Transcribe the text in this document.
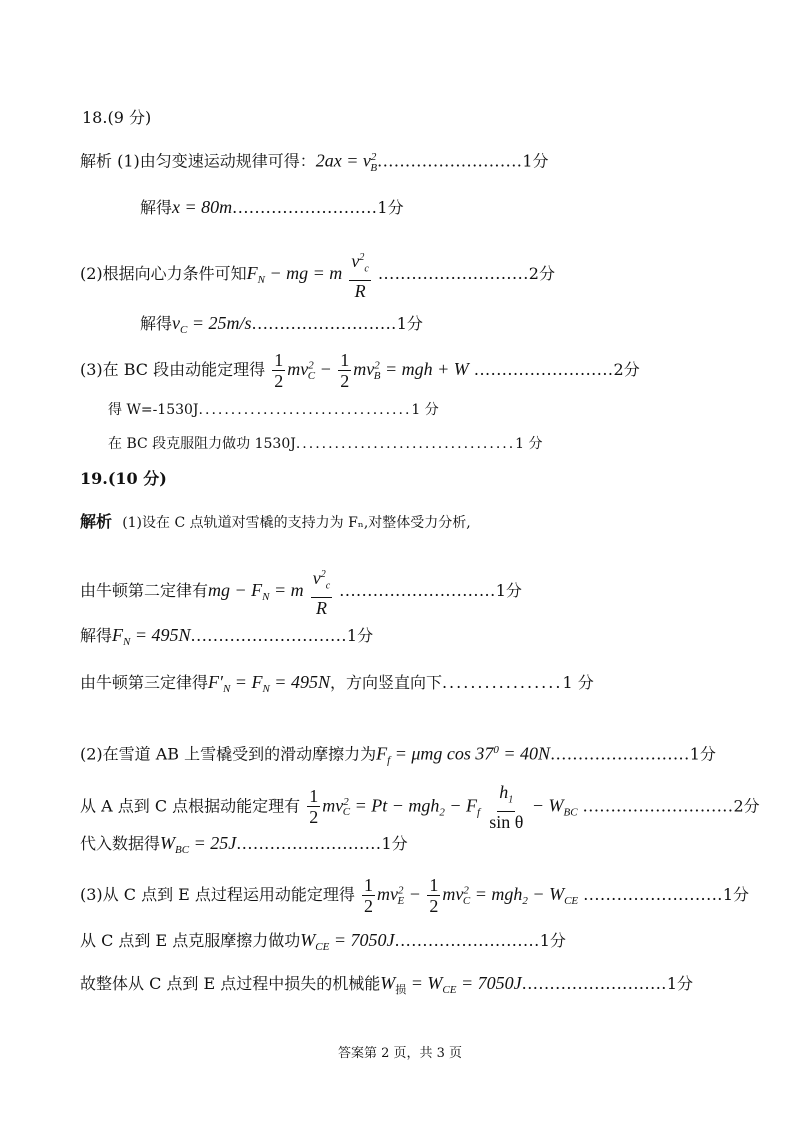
18.(9 分)
解析 (1)由匀变速运动规律可得：$2ax = v^2_B..........................1$分
解得x = 80m..........................1分
(2)根据向心力条件可知$F_N$ − mg = m $\frac{v^2_c}{R} ...........................2$分
解得$v_C = 25m/s..........................1$分
(3)在 BC 段由动能定理得 $\frac{1}{2} mv^2_C - \frac{1}{2} mv^2_B$ = mgh + W .........................2分
得 W=-1530J.................................1 分
在 BC 段克服阻力做功 1530J..................................1 分
19.(10 分)
解析 (1)设在 C 点轨道对雪橇的支持力为 Fₙ,对整体受力分析,
由牛顿第二定律有mg − $F_N = m \frac{v^2_c}{R} ............................1$分
解得$F_N = 495N............................1$分
由牛顿第三定律得$F'_N = F_N = 495N$，方向竖直向下.................1 分
(2)在雪道 AB 上雪橇受到的滑动摩擦力为$F_f = \mu mg$ $\cos 37^0 = 40N.........................1$分
从 A 点到 C 点根据动能定理有 $\frac{1}{2} mv^2_C = Pt - mgh_2 - F_f \frac{h_1}{\text{sin θ}} - W_{BC}$ ...........................2分
代入数据得$W_{BC} = 25J..........................1$分
(3)从 C 点到 E 点过程运用动能定理得 $\frac{1}{2} mv^2_E - \frac{1}{2} mv^2_C = mgh_2 - W_{CE}$ .........................1分
从 C 点到 E 点克服摩擦力做功$W_{CE} = 7050J..........................1$分
故整体从 C 点到 E 点过程中损失的机械能$W_损 = W_{CE} = 7050J..........................1$分
答案第 2 页，共 3 页
